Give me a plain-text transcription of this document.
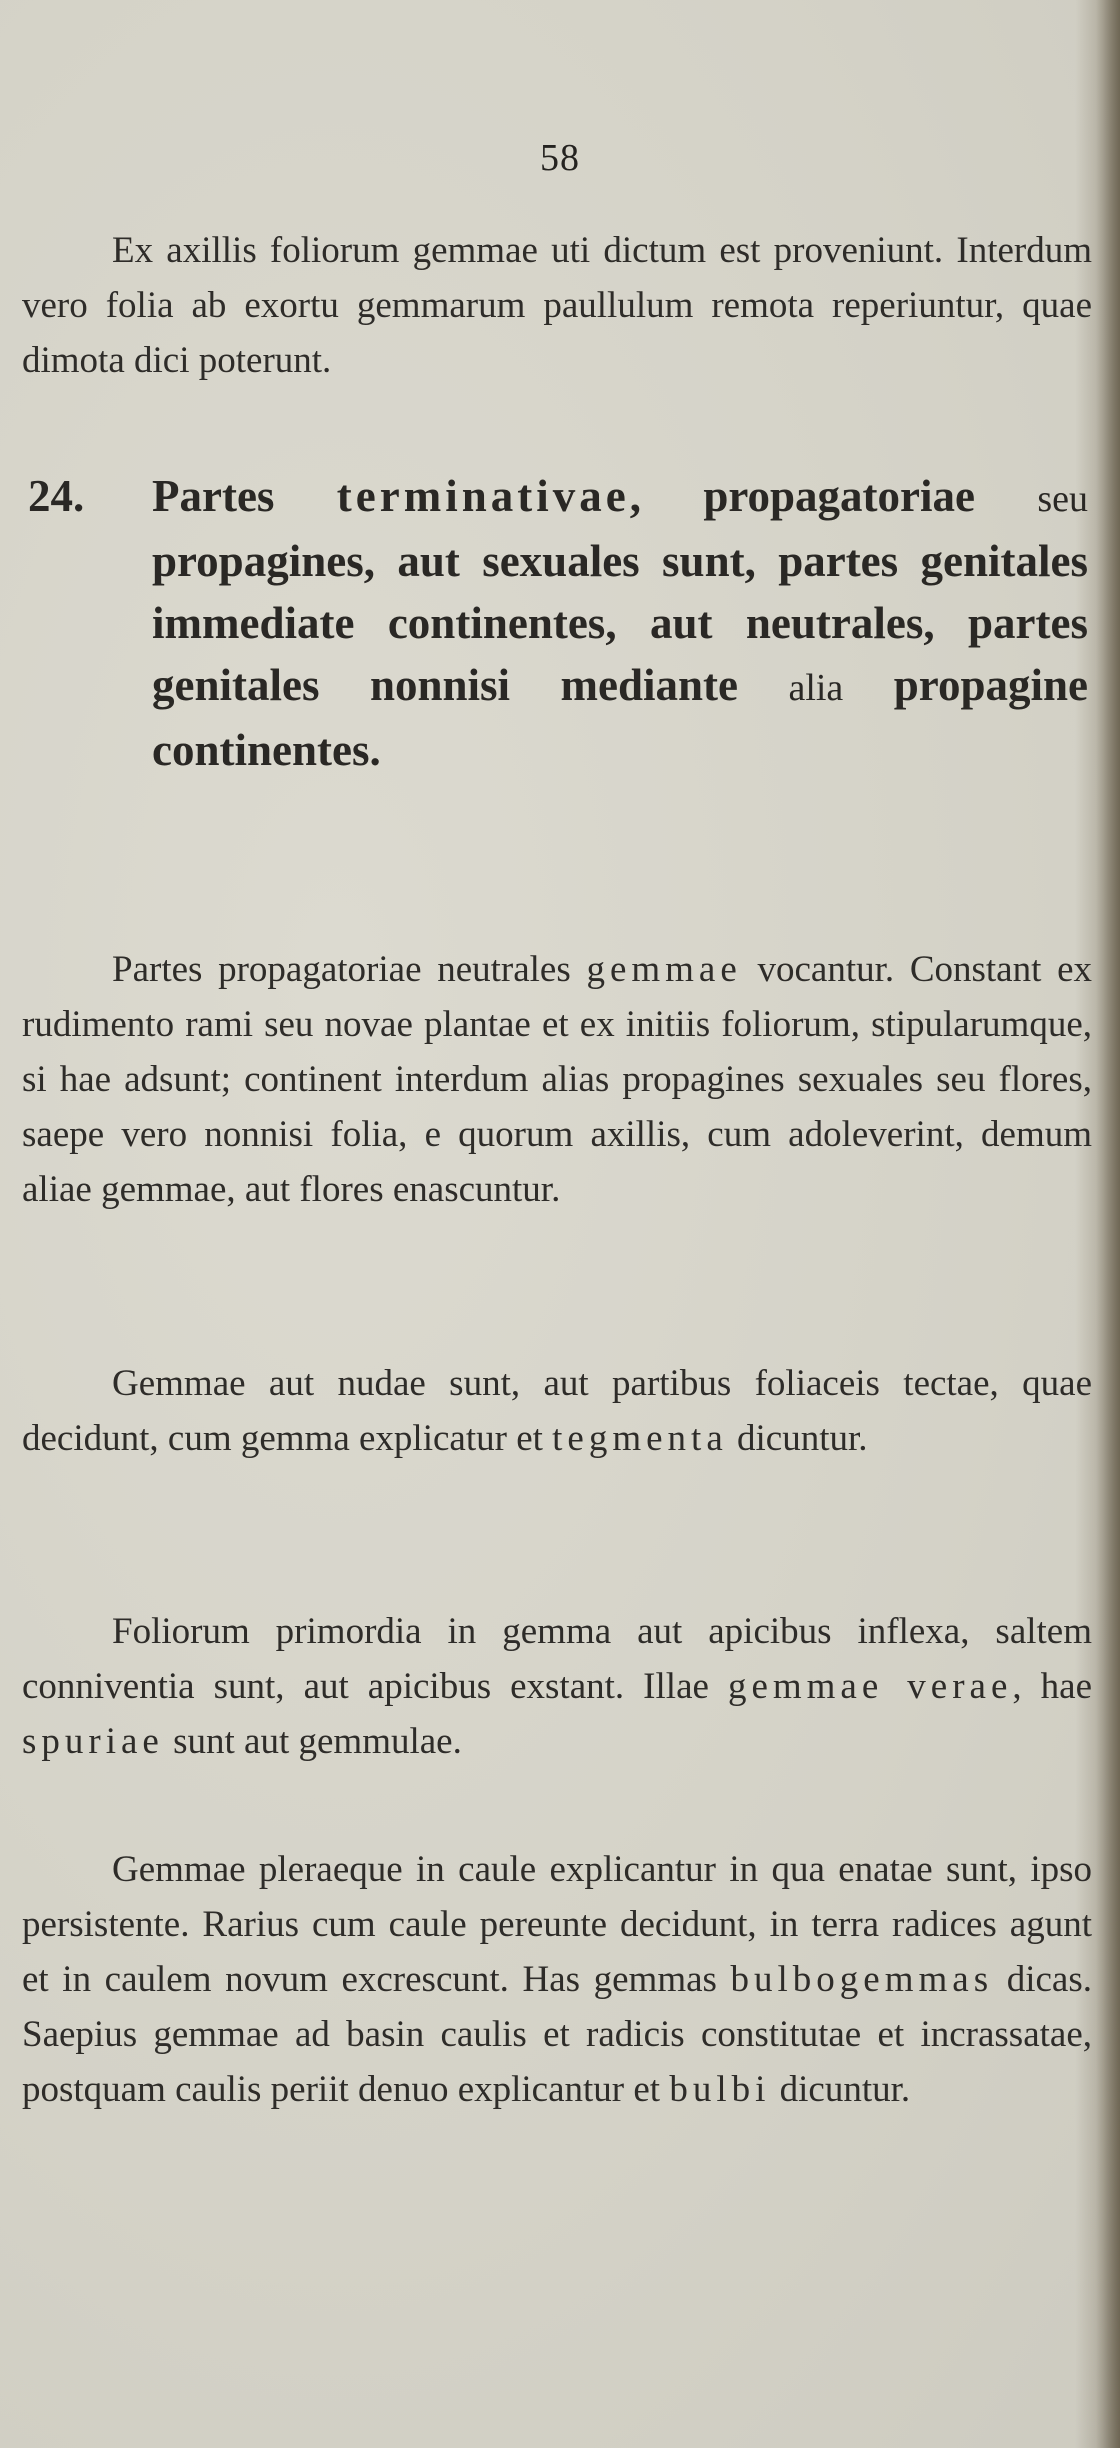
58

Ex axillis foliorum gemmae uti dictum est proveniunt. Interdum vero folia ab exortu gemmarum paullulum remota reperiuntur, quae dimota dici poterunt.

24. Partes terminativae, propagatoriae seu propagines, aut sexuales sunt, partes genitales immediate continentes, aut neutrales, partes genitales nonnisi mediante alia propagine continentes.

Partes propagatoriae neutrales gemmae vocantur. Constant ex rudimento rami seu novae plantae et ex initiis foliorum, stipularumque, si hae adsunt; continent interdum alias propagines sexuales seu flores, saepe vero nonnisi folia, e quorum axillis, cum adoleverint, demum aliae gemmae, aut flores enascuntur.

Gemmae aut nudae sunt, aut partibus foliaceis tectae, quae decidunt, cum gemma explicatur et tegmenta dicuntur.

Foliorum primordia in gemma aut apicibus inflexa, saltem conniventia sunt, aut apicibus exstant. Illae gemmae verae, hae spuriae sunt aut gemmulae.

Gemmae pleraeque in caule explicantur in qua enatae sunt, ipso persistente. Rarius cum caule pereunte decidunt, in terra radices agunt et in caulem novum excrescunt. Has gemmas bulbogemmas dicas. Saepius gemmae ad basin caulis et radicis constitutae et incrassatae, postquam caulis periit denuo explicantur et bulbi dicuntur.
